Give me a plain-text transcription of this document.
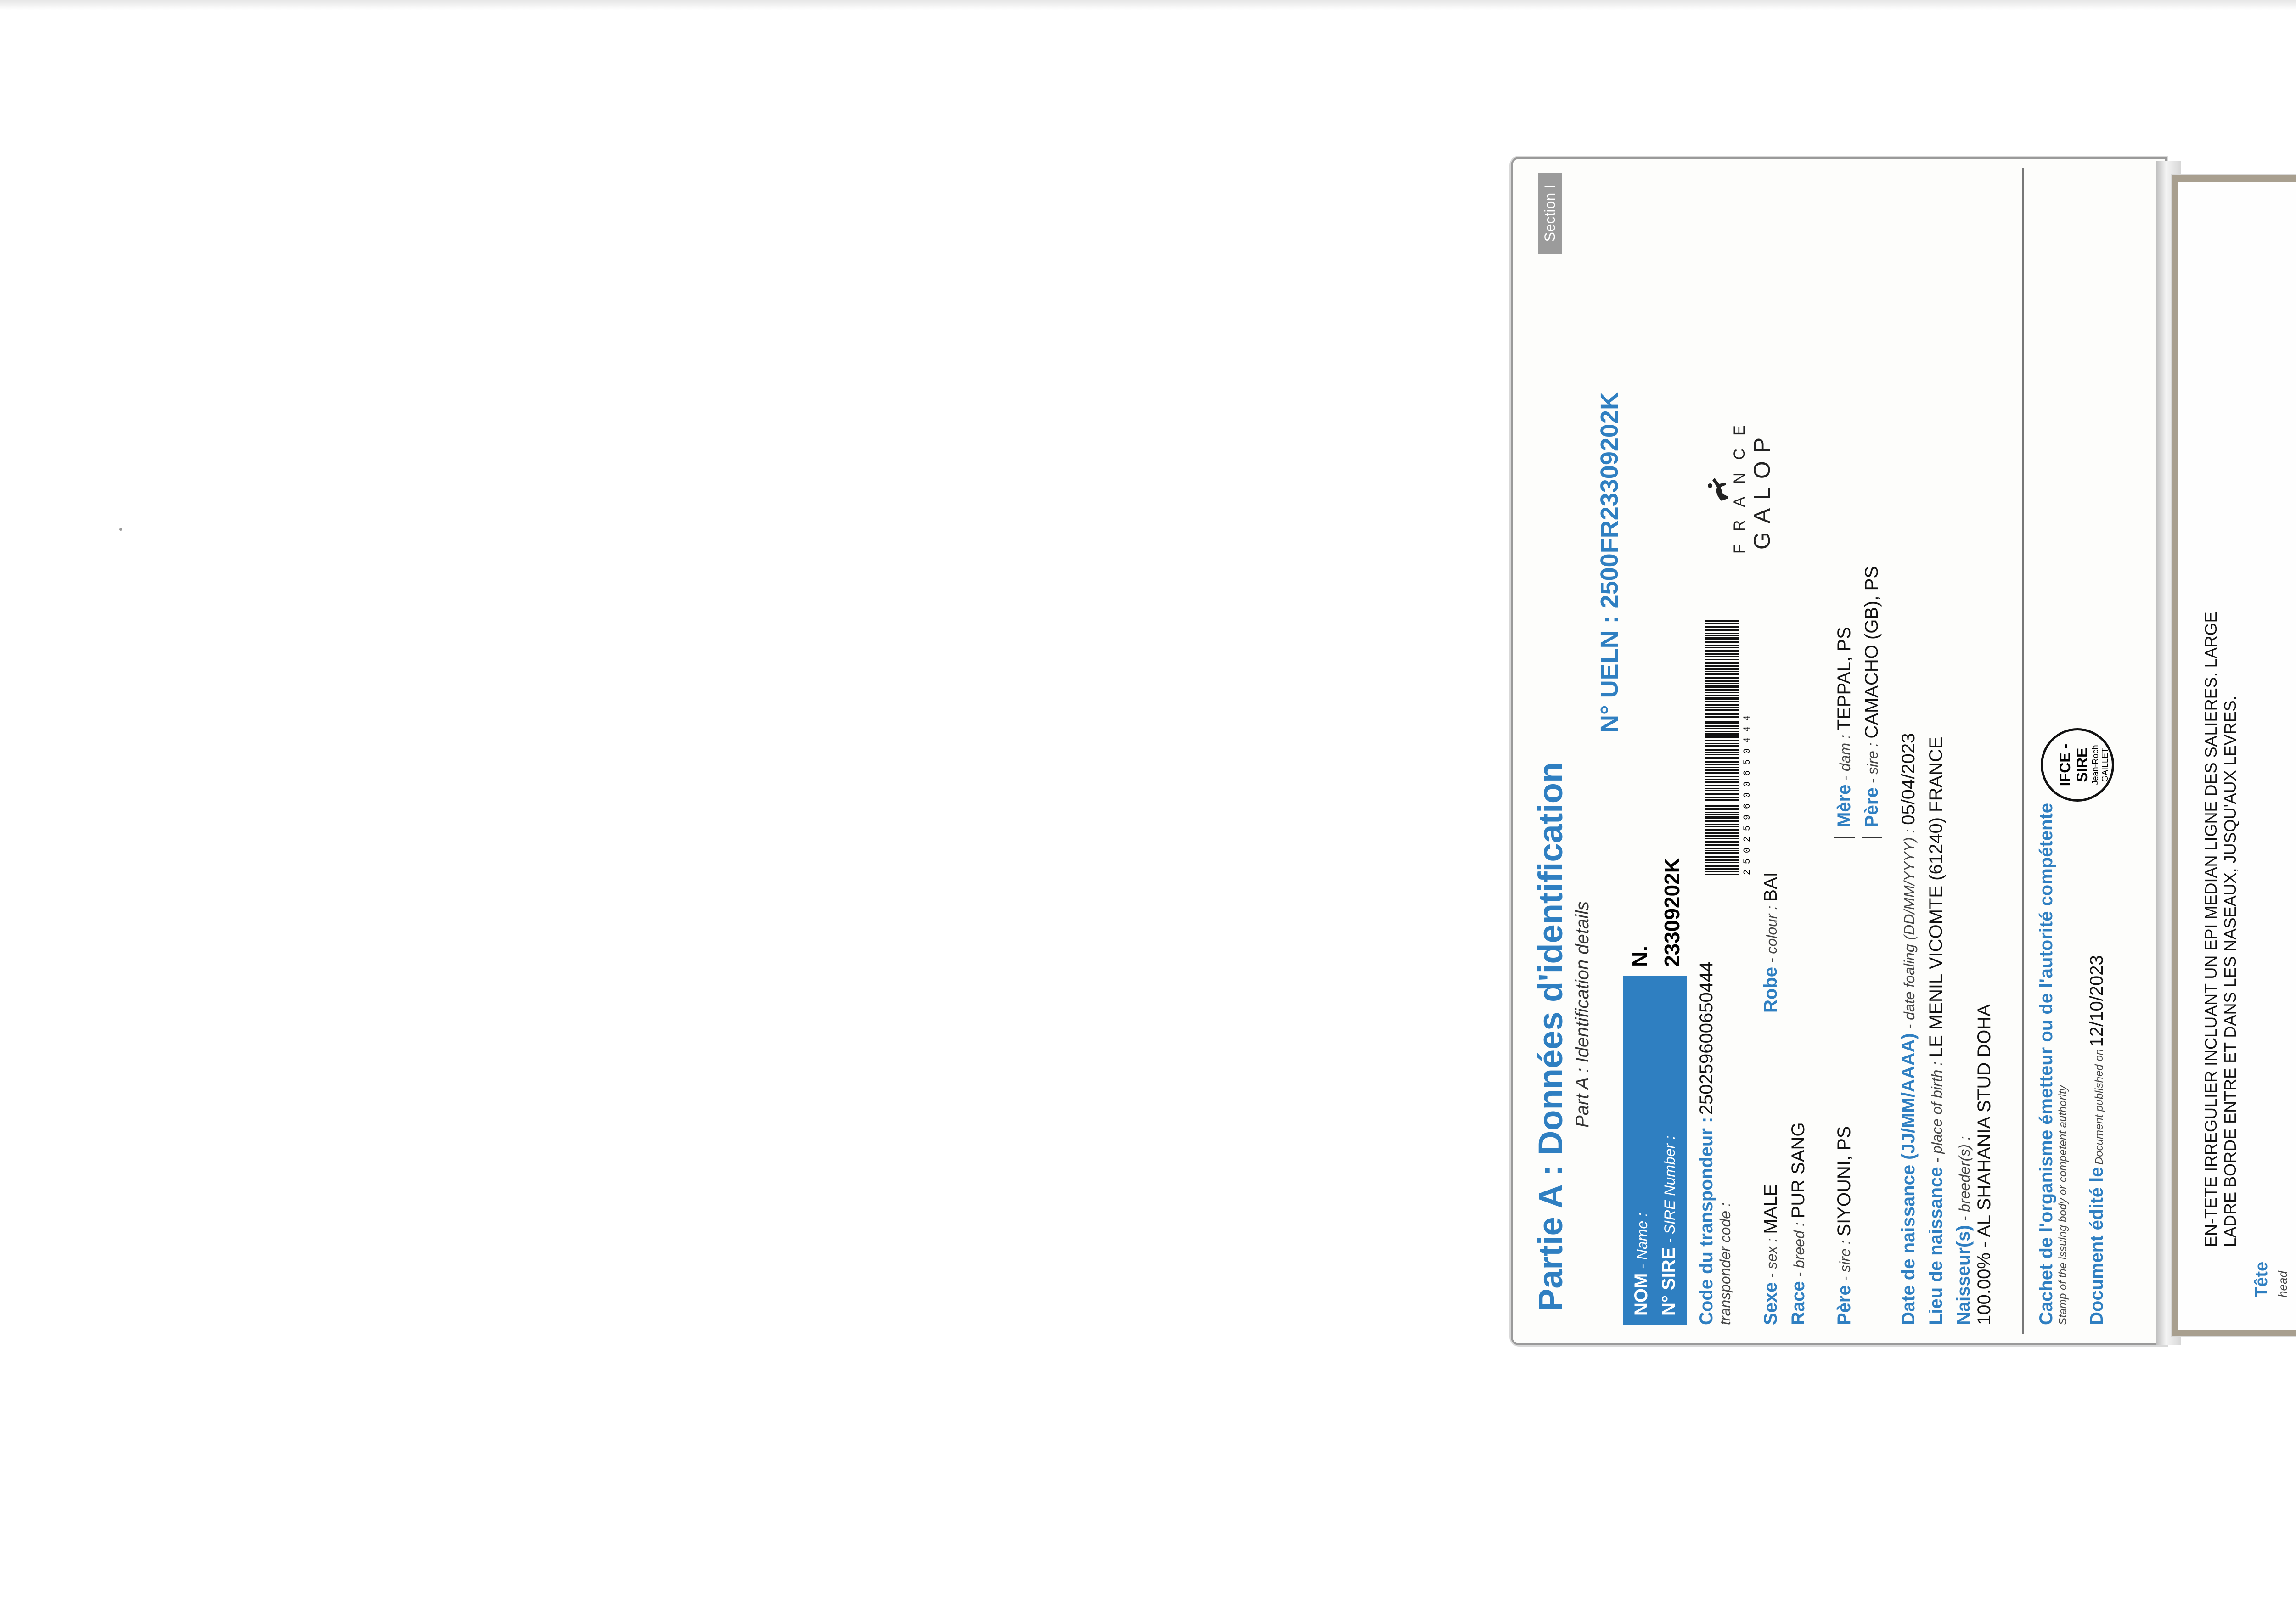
Section I
Partie A : Données d'identification Part A : Identification details
N° UELN : 2500FR23309202K	FRANCE GALOP
NOM - Name :
N° SIRE - SIRE Number :
N. 23309202K
Code du transpondeur : 250259600650444
transponder code :
2 5 0 2 5 9 6 0 0 6 5 0 4 4 4
Sexe - sex : MALE
Robe - colour : BAI
Race - breed : PUR SANG
Père - sire : SIYOUNI, PS
Mère - dam : TEPPAL, PS
Père - sire : CAMACHO (GB), PS
Date de naissance (JJ/MM/AAAA) - date foaling (DD/MM/YYYY) : 05/04/2023
Lieu de naissance - place of birth : LE MENIL VICOMTE (61240) FRANCE
Naisseur(s) - breeder(s) :
100.00% - AL SHAHANIA STUD DOHA Cachet de l'organisme émetteur ou de l'autorité compétente
Stamp of the issuing body or competent authority Document édité le Document published on 12/10/2023
IFCE - SIRE Jean-Roch GAILLET	EN-TETE IRREGULIER INCLUANT UN EPI MEDIAN LIGNE DES SALIERES. LARGE LADRE BORDE ENTRE ET DANS LES NASEAUX, JUSQU'AUX LEVRES.
Tête head
